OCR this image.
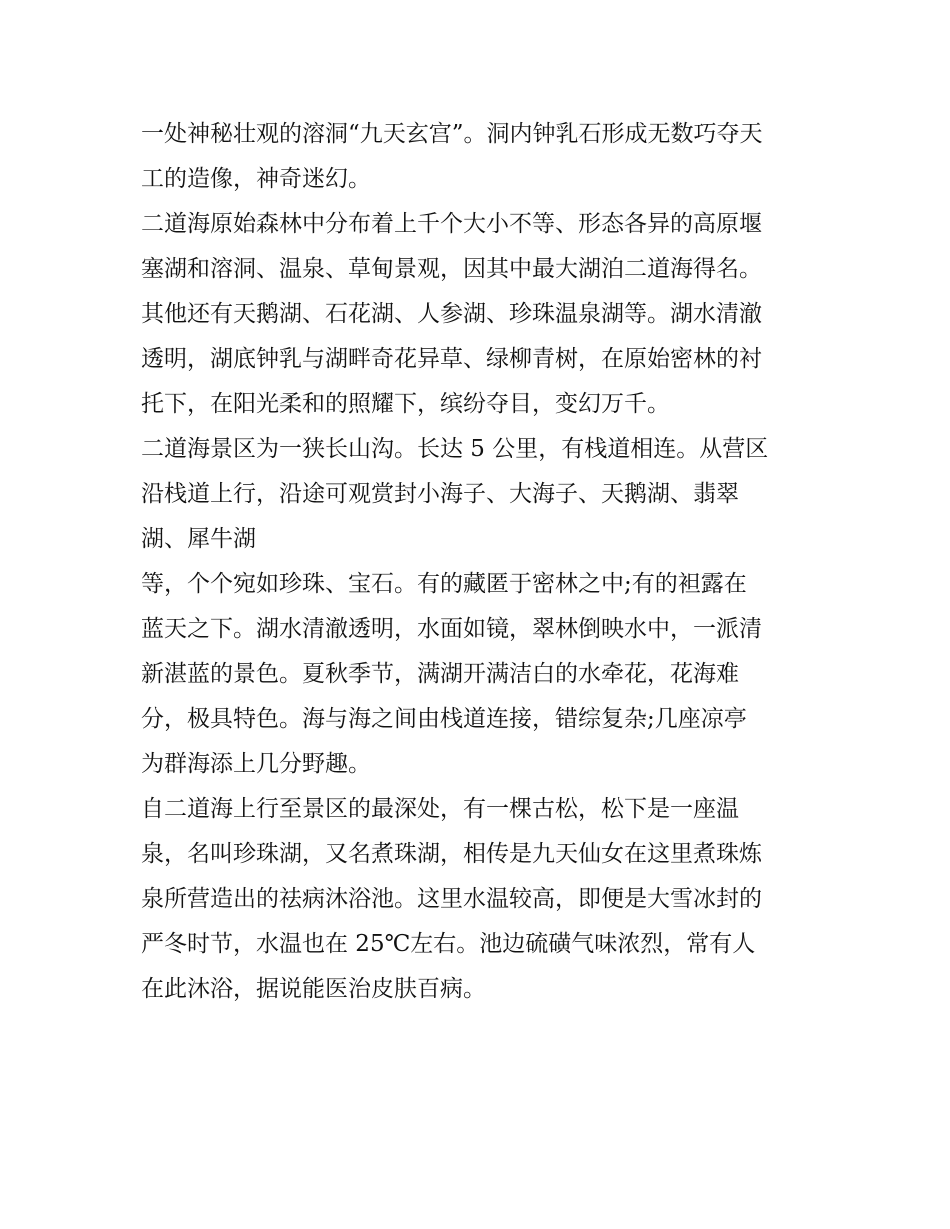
一处神秘壮观的溶洞“九天玄宫”。洞内钟乳石形成无数巧夺天
工的造像，神奇迷幻。
二道海原始森林中分布着上千个大小不等、形态各异的高原堰
塞湖和溶洞、温泉、草甸景观，因其中最大湖泊二道海得名。
其他还有天鹅湖、石花湖、人参湖、珍珠温泉湖等。湖水清澈
透明，湖底钟乳与湖畔奇花异草、绿柳青树，在原始密林的衬
托下，在阳光柔和的照耀下，缤纷夺目，变幻万千。
二道海景区为一狭长山沟。长达 5 公里，有栈道相连。从营区
沿栈道上行，沿途可观赏封小海子、大海子、天鹅湖、翡翠
湖、犀牛湖
等，个个宛如珍珠、宝石。有的藏匿于密林之中;有的袒露在
蓝天之下。湖水清澈透明，水面如镜，翠林倒映水中，一派清
新湛蓝的景色。夏秋季节，满湖开满洁白的水牵花，花海难
分，极具特色。海与海之间由栈道连接，错综复杂;几座凉亭
为群海添上几分野趣。
自二道海上行至景区的最深处，有一棵古松，松下是一座温
泉，名叫珍珠湖，又名煮珠湖，相传是九天仙女在这里煮珠炼
泉所营造出的祛病沐浴池。这里水温较高，即便是大雪冰封的
严冬时节，水温也在 25℃左右。池边硫磺气味浓烈，常有人
在此沐浴，据说能医治皮肤百病。
